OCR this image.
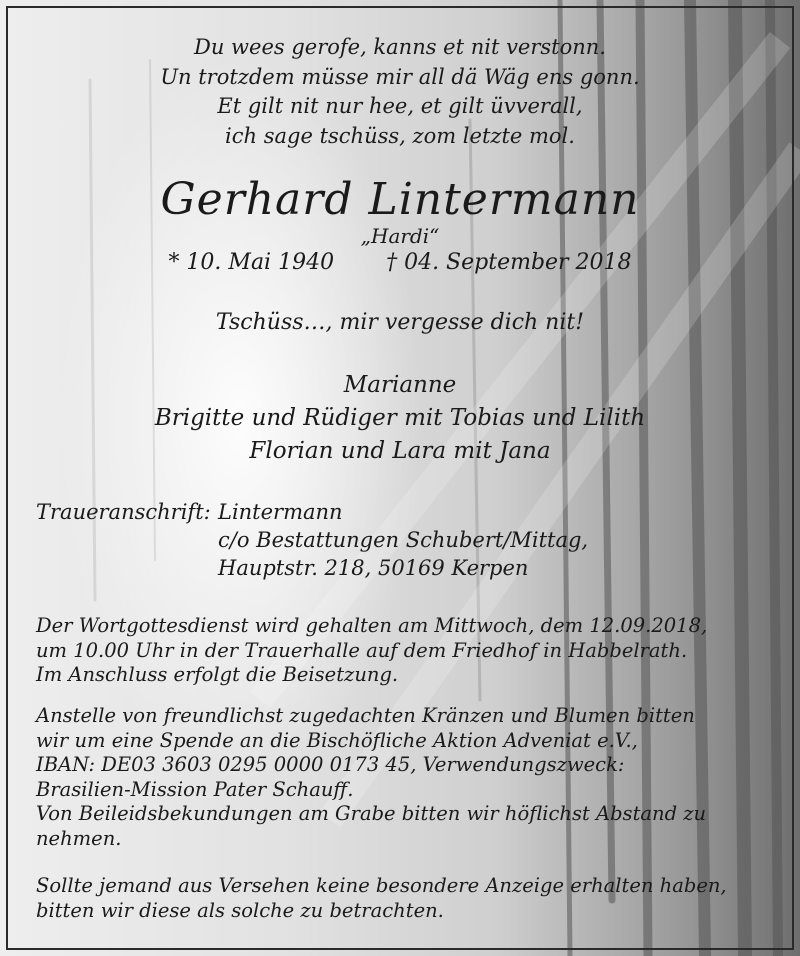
Du wees gerofe, kanns et nit verstonn.
Un trotzdem müsse mir all dä Wäg ens gonn.
Et gilt nit nur hee, et gilt üvverall,
ich sage tschüss, zom letzte mol.
Gerhard Lintermann
„Hardi“
* 10. Mai 1940 † 04. September 2018
Tschüss…, mir vergesse dich nit!
Marianne
Brigitte und Rüdiger mit Tobias und Lilith
Florian und Lara mit Jana
Traueranschrift: Lintermann
c/o Bestattungen Schubert/Mittag,
Hauptstr. 218, 50169 Kerpen
Der Wortgottesdienst wird gehalten am Mittwoch, dem 12.09.2018,
um 10.00 Uhr in der Trauerhalle auf dem Friedhof in Habbelrath.
Im Anschluss erfolgt die Beisetzung.
Anstelle von freundlichst zugedachten Kränzen und Blumen bitten
wir um eine Spende an die Bischöfliche Aktion Adveniat e.V.,
IBAN: DE03 3603 0295 0000 0173 45, Verwendungszweck:
Brasilien-Mission Pater Schauff.
Von Beileidsbekundungen am Grabe bitten wir höflichst Abstand zu
nehmen.
Sollte jemand aus Versehen keine besondere Anzeige erhalten haben,
bitten wir diese als solche zu betrachten.
